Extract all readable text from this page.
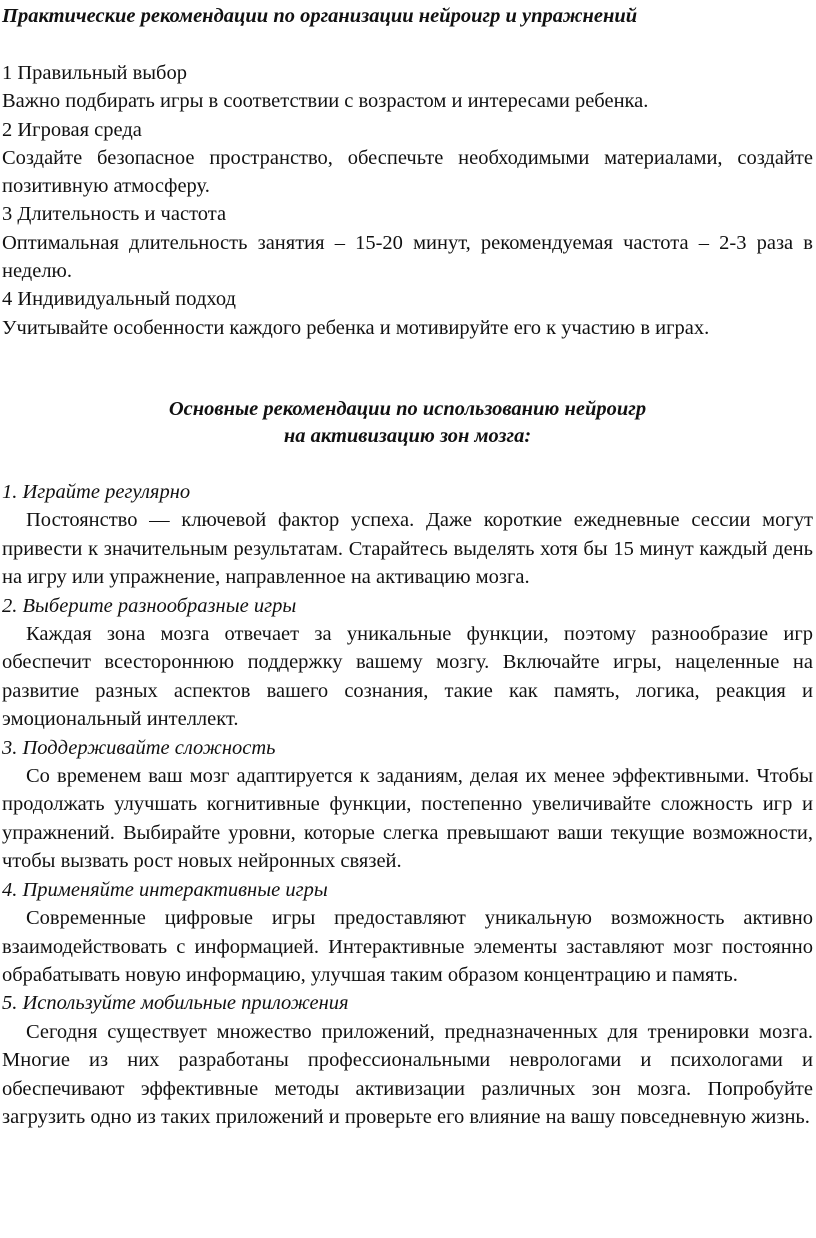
Практические рекомендации по организации нейроигр и упражнений

1 Правильный выбор

Важно подбирать игры в соответствии с возрастом и интересами ребенка.

2 Игровая среда

Создайте безопасное пространство, обеспечьте необходимыми материалами, создайте позитивную атмосферу.

3 Длительность и частота

Оптимальная длительность занятия – 15-20 минут, рекомендуемая частота – 2-3 раза в неделю.

4 Индивидуальный подход

Учитывайте особенности каждого ребенка и мотивируйте его к участию в играх.

Основные рекомендации по использованию нейроигр
на активизацию зон мозга:

1. Играйте регулярно

Постоянство — ключевой фактор успеха. Даже короткие ежедневные сессии могут привести к значительным результатам. Старайтесь выделять хотя бы 15 минут каждый день на игру или упражнение, направленное на активацию мозга.

2. Выберите разнообразные игры

Каждая зона мозга отвечает за уникальные функции, поэтому разнообразие игр обеспечит всестороннюю поддержку вашему мозгу. Включайте игры, нацеленные на развитие разных аспектов вашего сознания, такие как память, логика, реакция и эмоциональный интеллект.

3. Поддерживайте сложность

Со временем ваш мозг адаптируется к заданиям, делая их менее эффективными. Чтобы продолжать улучшать когнитивные функции, постепенно увеличивайте сложность игр и упражнений. Выбирайте уровни, которые слегка превышают ваши текущие возможности, чтобы вызвать рост новых нейронных связей.

4. Применяйте интерактивные игры

Современные цифровые игры предоставляют уникальную возможность активно взаимодействовать с информацией. Интерактивные элементы заставляют мозг постоянно обрабатывать новую информацию, улучшая таким образом концентрацию и память.

5. Используйте мобильные приложения

Сегодня существует множество приложений, предназначенных для тренировки мозга. Многие из них разработаны профессиональными неврологами и психологами и обеспечивают эффективные методы активизации различных зон мозга. Попробуйте загрузить одно из таких приложений и проверьте его влияние на вашу повседневную жизнь.
